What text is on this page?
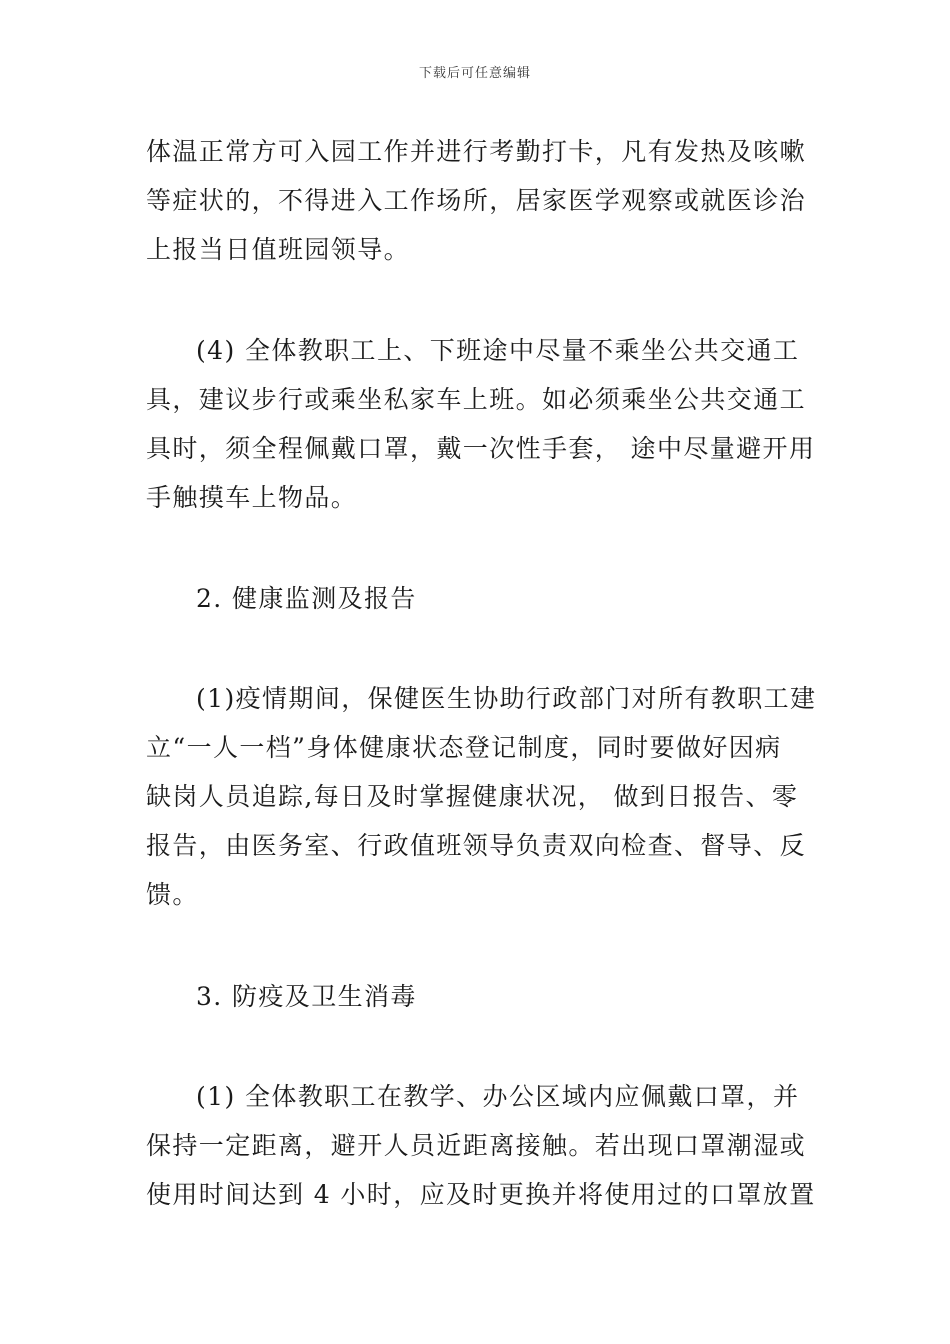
下载后可任意编辑
体温正常方可入园工作并进行考勤打卡，凡有发热及咳嗽
等症状的，不得进入工作场所，居家医学观察或就医诊治
上报当日值班园领导。
(4) 全体教职工上、下班途中尽量不乘坐公共交通工
具，建议步行或乘坐私家车上班。如必须乘坐公共交通工
具时，须全程佩戴口罩，戴一次性手套， 途中尽量避开用
手触摸车上物品。
2. 健康监测及报告
(1)疫情期间，保健医生协助行政部门对所有教职工建
立“一人一档”身体健康状态登记制度，同时要做好因病
缺岗人员追踪,每日及时掌握健康状况， 做到日报告、零
报告，由医务室、行政值班领导负责双向检查、督导、反
馈。
3. 防疫及卫生消毒
(1) 全体教职工在教学、办公区域内应佩戴口罩，并
保持一定距离，避开人员近距离接触。若出现口罩潮湿或
使用时间达到 4 小时，应及时更换并将使用过的口罩放置
